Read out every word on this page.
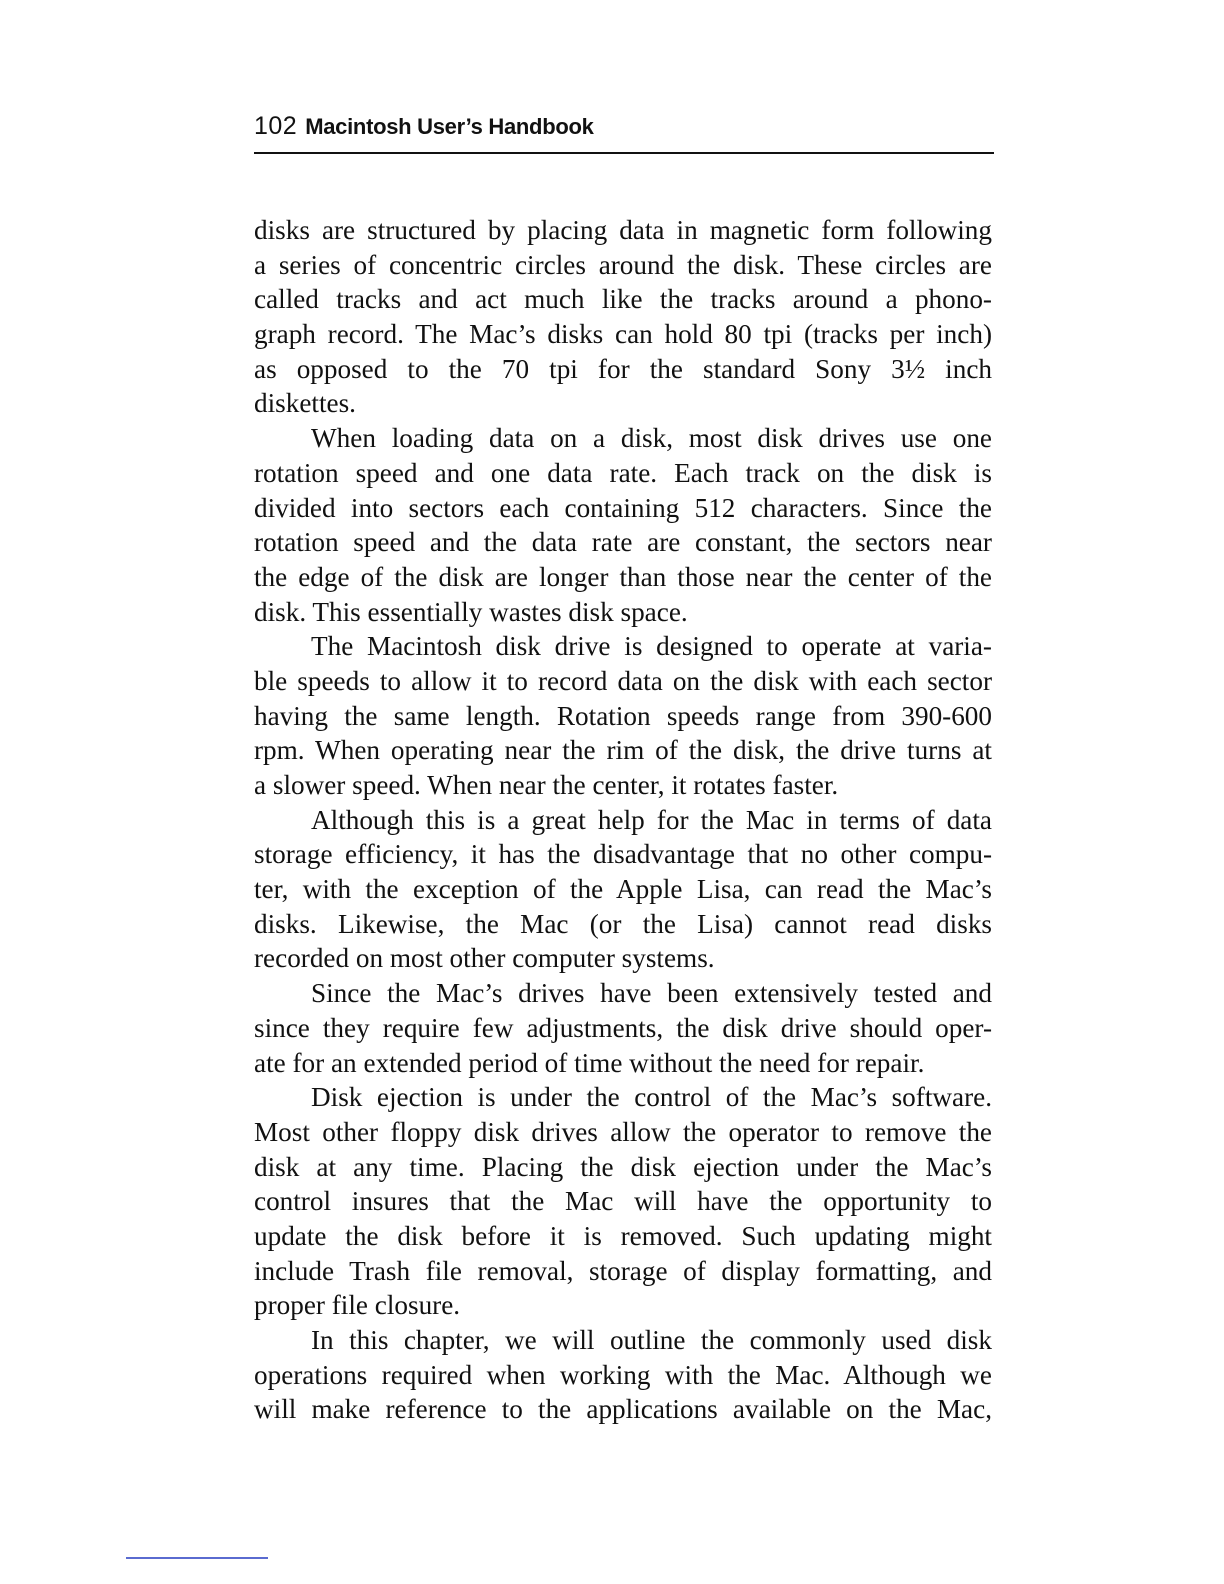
102 Macintosh User’s Handbook
disks are structured by placing data in magnetic form following
a series of concentric circles around the disk. These circles are
called tracks and act much like the tracks around a phono-
graph record. The Mac’s disks can hold 80 tpi (tracks per inch)
as opposed to the 70 tpi for the standard Sony 3½ inch
diskettes.
When loading data on a disk, most disk drives use one
rotation speed and one data rate. Each track on the disk is
divided into sectors each containing 512 characters. Since the
rotation speed and the data rate are constant, the sectors near
the edge of the disk are longer than those near the center of the
disk. This essentially wastes disk space.
The Macintosh disk drive is designed to operate at varia-
ble speeds to allow it to record data on the disk with each sector
having the same length. Rotation speeds range from 390-600
rpm. When operating near the rim of the disk, the drive turns at
a slower speed. When near the center, it rotates faster.
Although this is a great help for the Mac in terms of data
storage efficiency, it has the disadvantage that no other compu-
ter, with the exception of the Apple Lisa, can read the Mac’s
disks. Likewise, the Mac (or the Lisa) cannot read disks
recorded on most other computer systems.
Since the Mac’s drives have been extensively tested and
since they require few adjustments, the disk drive should oper-
ate for an extended period of time without the need for repair.
Disk ejection is under the control of the Mac’s software.
Most other floppy disk drives allow the operator to remove the
disk at any time. Placing the disk ejection under the Mac’s
control insures that the Mac will have the opportunity to
update the disk before it is removed. Such updating might
include Trash file removal, storage of display formatting, and
proper file closure.
In this chapter, we will outline the commonly used disk
operations required when working with the Mac. Although we
will make reference to the applications available on the Mac,
